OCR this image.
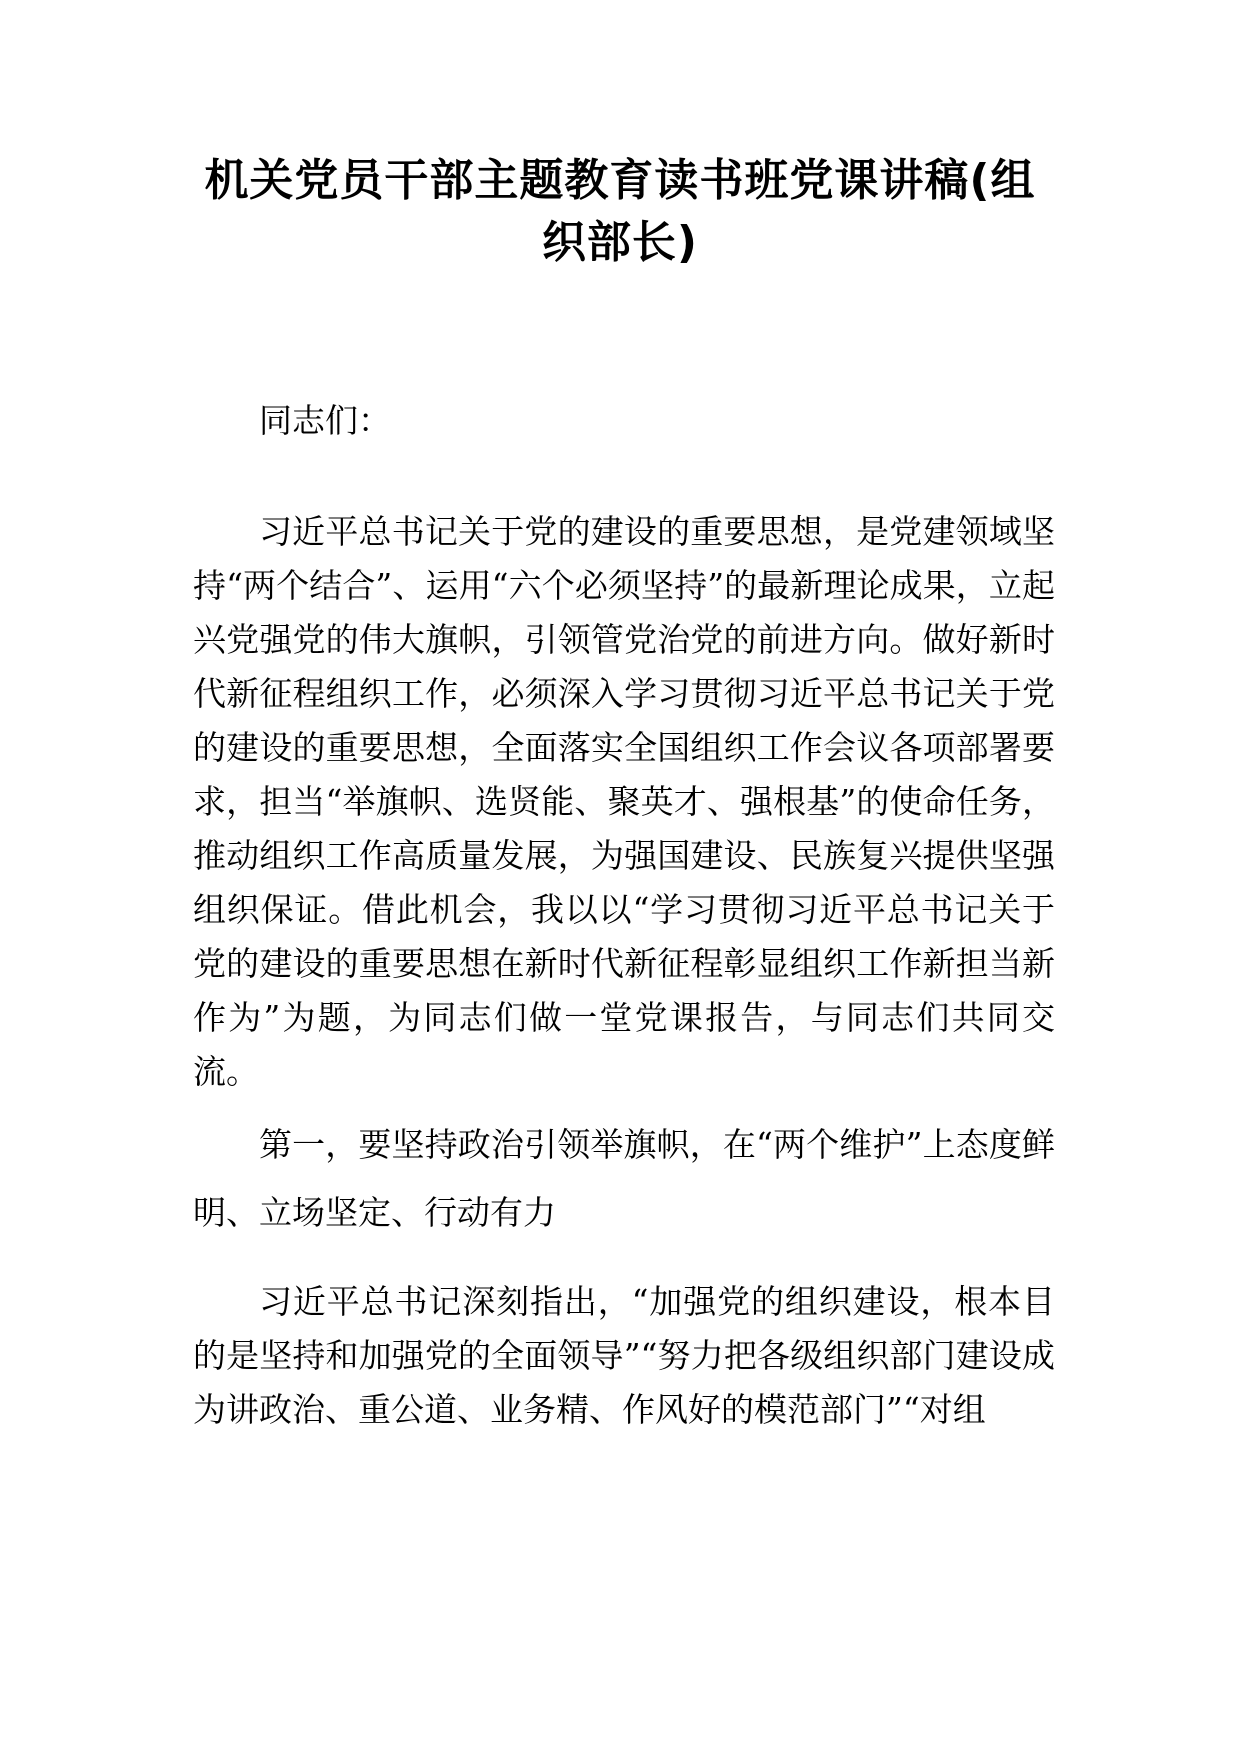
机关党员干部主题教育读书班党课讲稿(组织部长)

同志们：

习近平总书记关于党的建设的重要思想，是党建领域坚持“两个结合”、运用“六个必须坚持”的最新理论成果，立起兴党强党的伟大旗帜，引领管党治党的前进方向。做好新时代新征程组织工作，必须深入学习贯彻习近平总书记关于党的建设的重要思想，全面落实全国组织工作会议各项部署要求，担当“举旗帜、选贤能、聚英才、强根基”的使命任务，推动组织工作高质量发展，为强国建设、民族复兴提供坚强组织保证。借此机会，我以以“学习贯彻习近平总书记关于党的建设的重要思想在新时代新征程彰显组织工作新担当新作为”为题，为同志们做一堂党课报告，与同志们共同交流。

第一，要坚持政治引领举旗帜，在“两个维护”上态度鲜明、立场坚定、行动有力

习近平总书记深刻指出，“加强党的组织建设，根本目的是坚持和加强党的全面领导”“努力把各级组织部门建设成为讲政治、重公道、业务精、作风好的模范部门”“对组
